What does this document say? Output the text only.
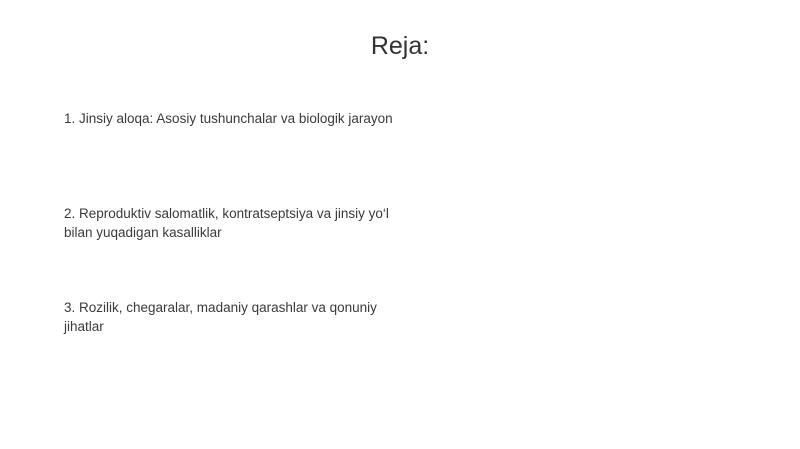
Reja:

1. Jinsiy aloqa: Asosiy tushunchalar va biologik jarayon

2. Reproduktiv salomatlik, kontratseptsiya va jinsiy yo‘l bilan yuqadigan kasalliklar

3. Rozilik, chegaralar, madaniy qarashlar va qonuniy jihatlar
